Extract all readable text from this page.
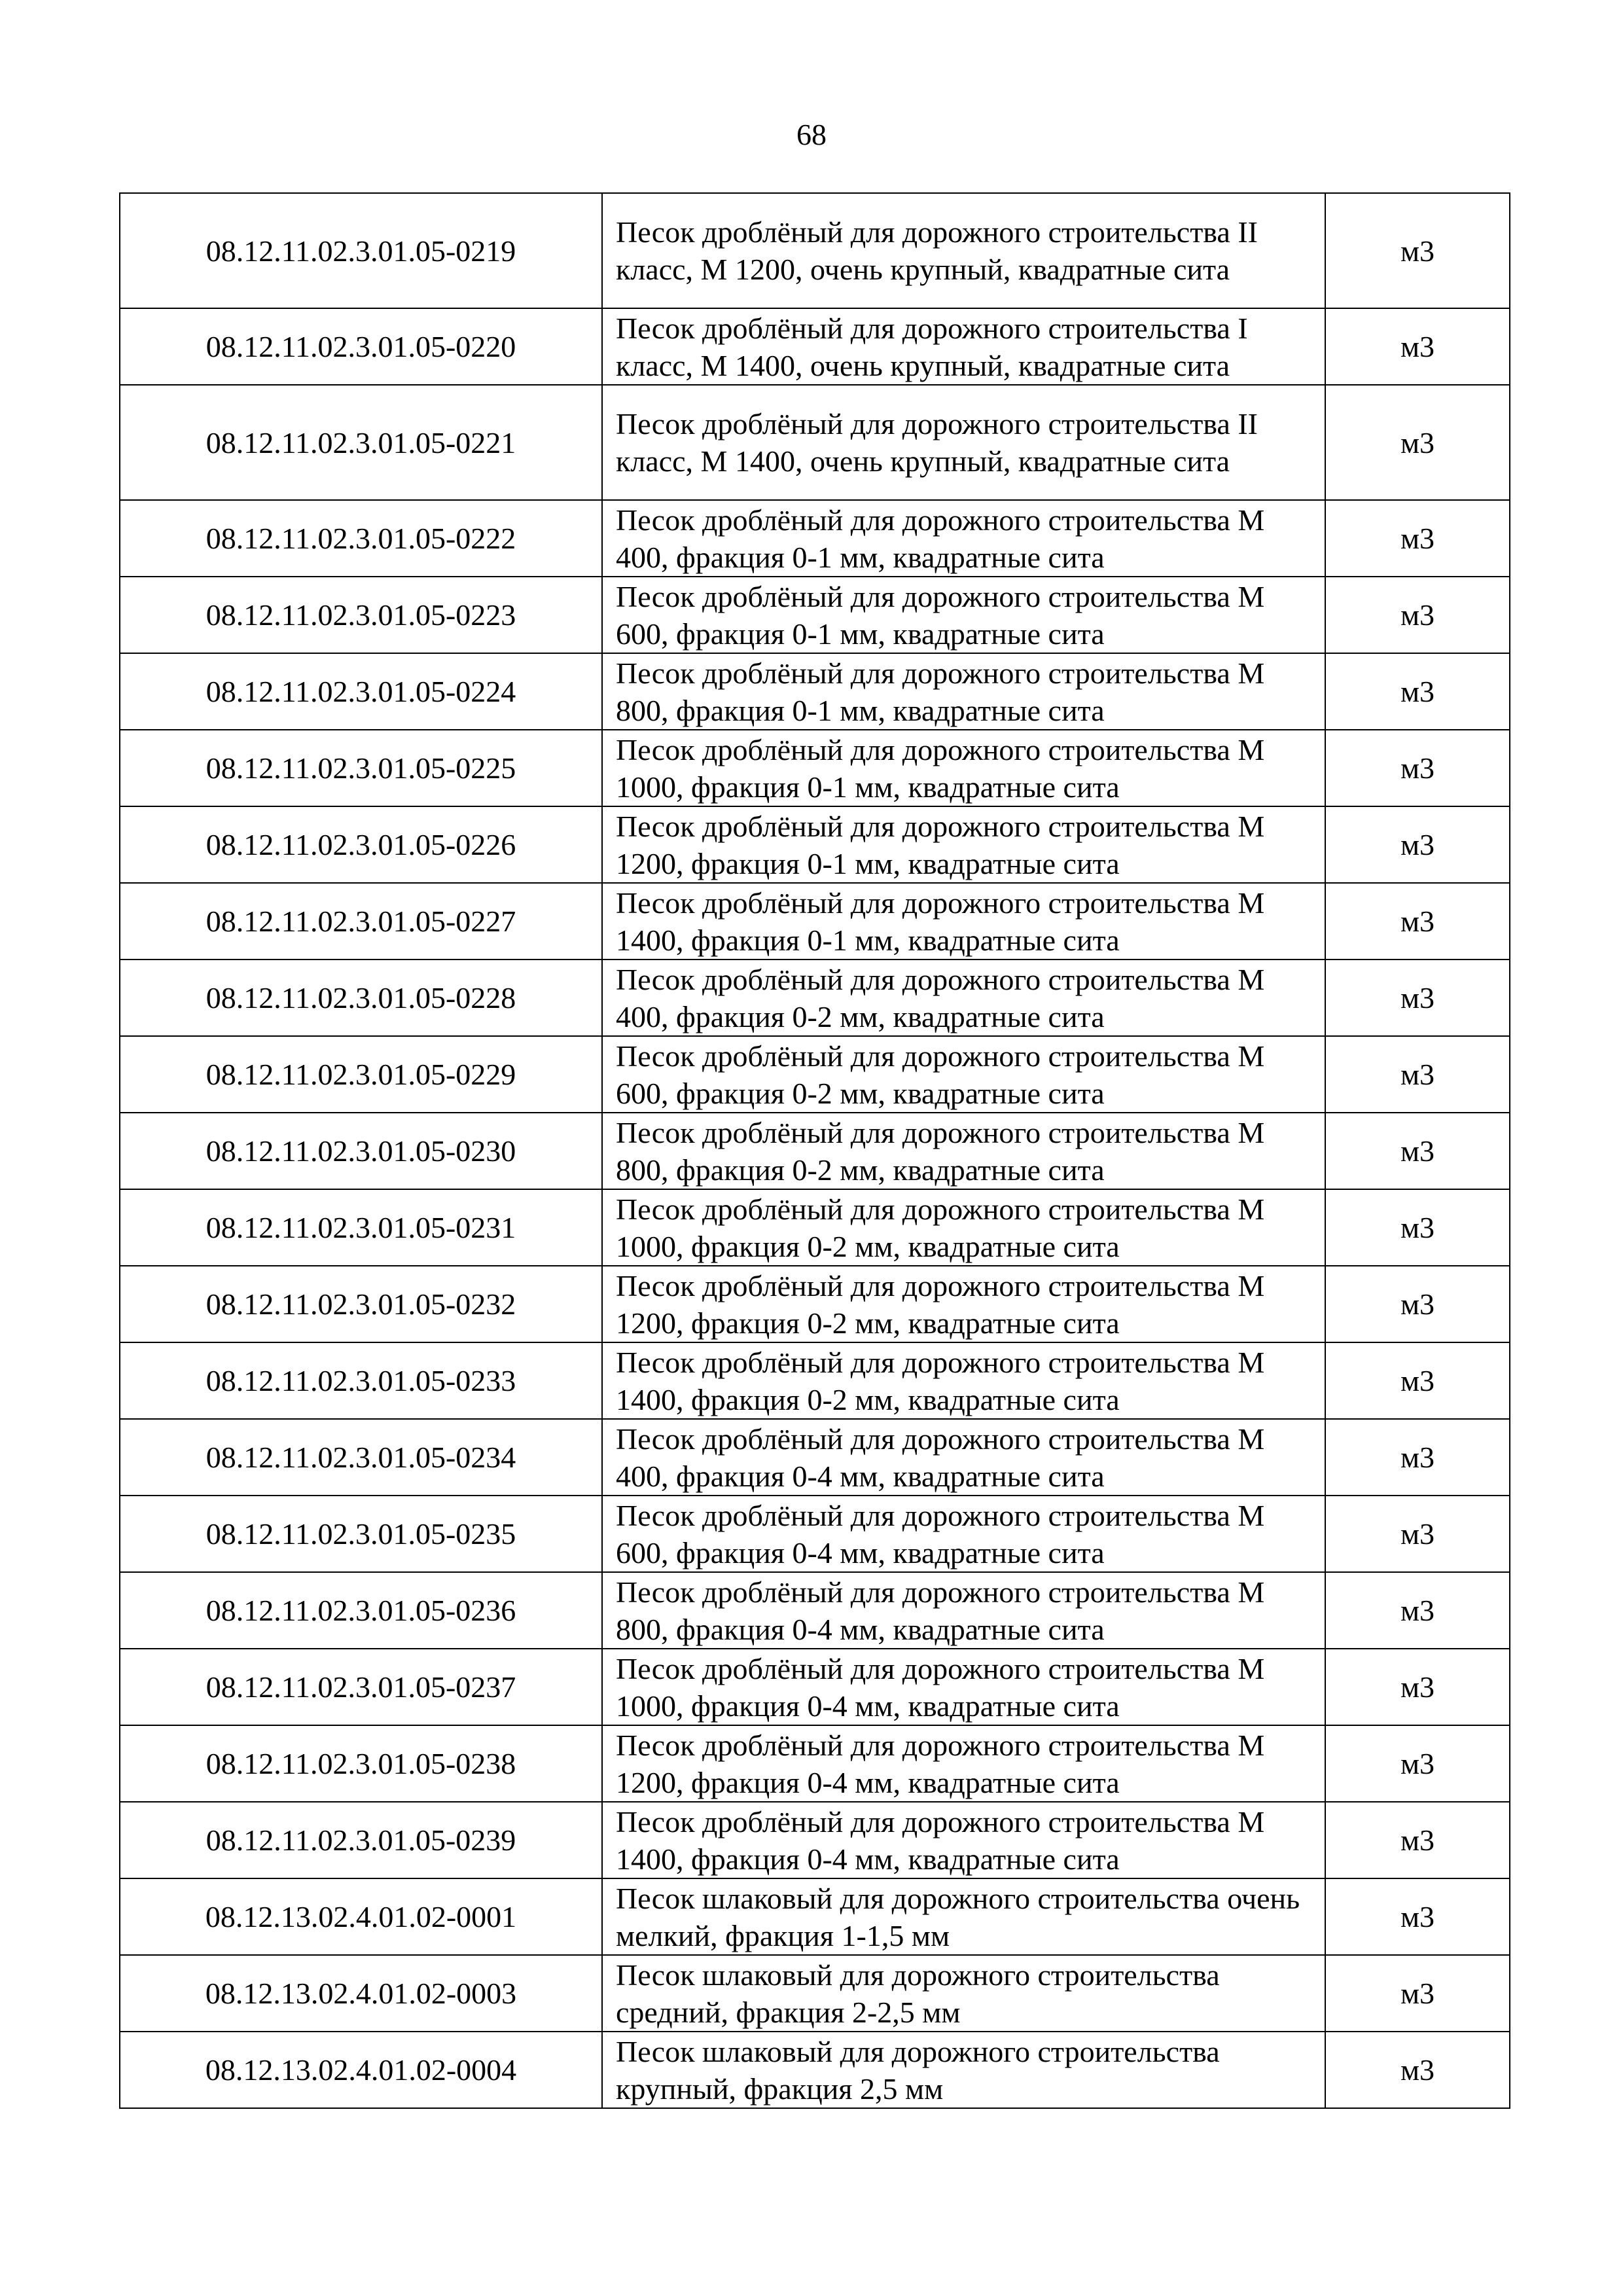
68
08.12.11.02.3.01.05-0219	Песок дроблёный для дорожного строительства II класс, М 1200, очень крупный, квадратные сита	м3
08.12.11.02.3.01.05-0220	Песок дроблёный для дорожного строительства I класс, М 1400, очень крупный, квадратные сита	м3
08.12.11.02.3.01.05-0221	Песок дроблёный для дорожного строительства II класс, М 1400, очень крупный, квадратные сита	м3
08.12.11.02.3.01.05-0222	Песок дроблёный для дорожного строительства М 400, фракция 0-1 мм, квадратные сита	м3
08.12.11.02.3.01.05-0223	Песок дроблёный для дорожного строительства М 600, фракция 0-1 мм, квадратные сита	м3
08.12.11.02.3.01.05-0224	Песок дроблёный для дорожного строительства М 800, фракция 0-1 мм, квадратные сита	м3
08.12.11.02.3.01.05-0225	Песок дроблёный для дорожного строительства М 1000, фракция 0-1 мм, квадратные сита	м3
08.12.11.02.3.01.05-0226	Песок дроблёный для дорожного строительства М 1200, фракция 0-1 мм, квадратные сита	м3
08.12.11.02.3.01.05-0227	Песок дроблёный для дорожного строительства М 1400, фракция 0-1 мм, квадратные сита	м3
08.12.11.02.3.01.05-0228	Песок дроблёный для дорожного строительства М 400, фракция 0-2 мм, квадратные сита	м3
08.12.11.02.3.01.05-0229	Песок дроблёный для дорожного строительства М 600, фракция 0-2 мм, квадратные сита	м3
08.12.11.02.3.01.05-0230	Песок дроблёный для дорожного строительства М 800, фракция 0-2 мм, квадратные сита	м3
08.12.11.02.3.01.05-0231	Песок дроблёный для дорожного строительства М 1000, фракция 0-2 мм, квадратные сита	м3
08.12.11.02.3.01.05-0232	Песок дроблёный для дорожного строительства М 1200, фракция 0-2 мм, квадратные сита	м3
08.12.11.02.3.01.05-0233	Песок дроблёный для дорожного строительства М 1400, фракция 0-2 мм, квадратные сита	м3
08.12.11.02.3.01.05-0234	Песок дроблёный для дорожного строительства М 400, фракция 0-4 мм, квадратные сита	м3
08.12.11.02.3.01.05-0235	Песок дроблёный для дорожного строительства М 600, фракция 0-4 мм, квадратные сита	м3
08.12.11.02.3.01.05-0236	Песок дроблёный для дорожного строительства М 800, фракция 0-4 мм, квадратные сита	м3
08.12.11.02.3.01.05-0237	Песок дроблёный для дорожного строительства М 1000, фракция 0-4 мм, квадратные сита	м3
08.12.11.02.3.01.05-0238	Песок дроблёный для дорожного строительства М 1200, фракция 0-4 мм, квадратные сита	м3
08.12.11.02.3.01.05-0239	Песок дроблёный для дорожного строительства М 1400, фракция 0-4 мм, квадратные сита	м3
08.12.13.02.4.01.02-0001	Песок шлаковый для дорожного строительства очень мелкий, фракция 1-1,5 мм	м3
08.12.13.02.4.01.02-0003	Песок шлаковый для дорожного строительства средний, фракция 2-2,5 мм	м3
08.12.13.02.4.01.02-0004	Песок шлаковый для дорожного строительства крупный, фракция 2,5 мм	м3
